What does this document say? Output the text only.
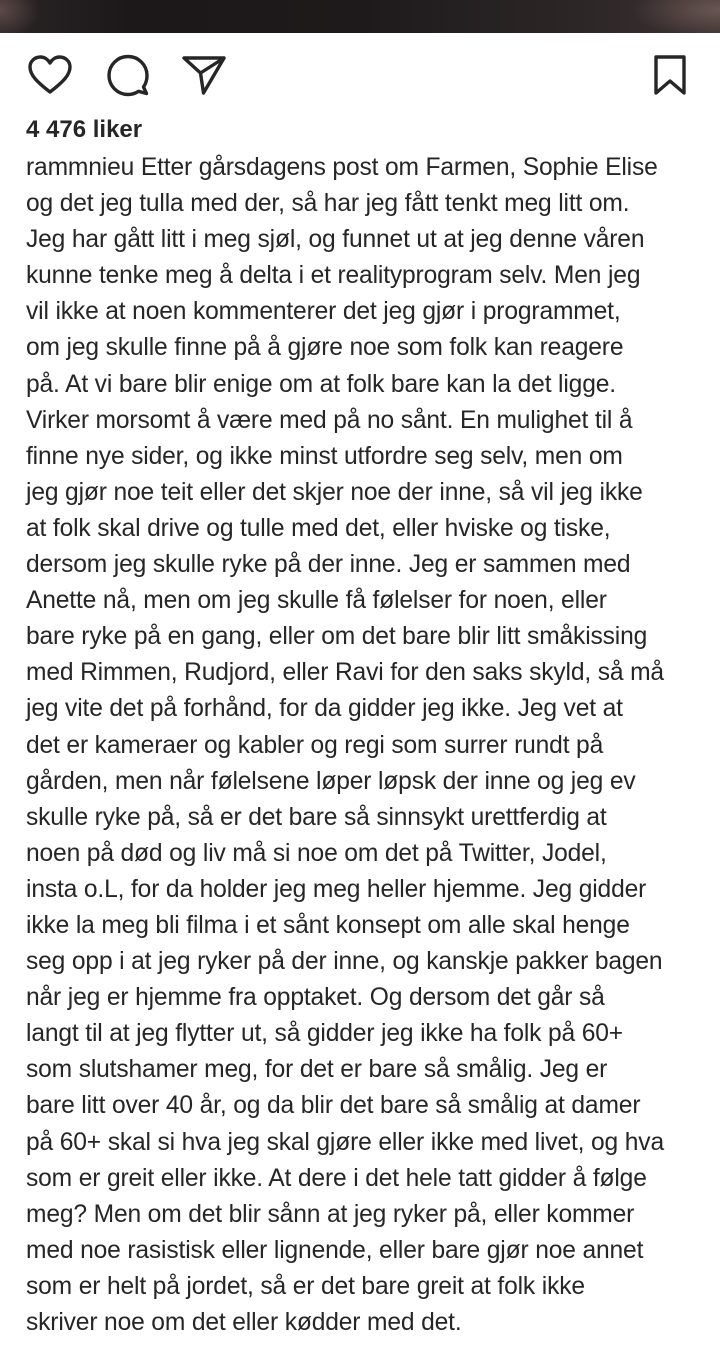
4 476 liker
rammnieu Etter gårsdagens post om Farmen, Sophie Elise
og det jeg tulla med der, så har jeg fått tenkt meg litt om.
Jeg har gått litt i meg sjøl, og funnet ut at jeg denne våren
kunne tenke meg å delta i et realityprogram selv. Men jeg
vil ikke at noen kommenterer det jeg gjør i programmet,
om jeg skulle finne på å gjøre noe som folk kan reagere
på. At vi bare blir enige om at folk bare kan la det ligge.
Virker morsomt å være med på no sånt. En mulighet til å
finne nye sider, og ikke minst utfordre seg selv, men om
jeg gjør noe teit eller det skjer noe der inne, så vil jeg ikke
at folk skal drive og tulle med det, eller hviske og tiske,
dersom jeg skulle ryke på der inne. Jeg er sammen med
Anette nå, men om jeg skulle få følelser for noen, eller
bare ryke på en gang, eller om det bare blir litt småkissing
med Rimmen, Rudjord, eller Ravi for den saks skyld, så må
jeg vite det på forhånd, for da gidder jeg ikke. Jeg vet at
det er kameraer og kabler og regi som surrer rundt på
gården, men når følelsene løper løpsk der inne og jeg ev
skulle ryke på, så er det bare så sinnsykt urettferdig at
noen på død og liv må si noe om det på Twitter, Jodel,
insta o.L, for da holder jeg meg heller hjemme. Jeg gidder
ikke la meg bli filma i et sånt konsept om alle skal henge
seg opp i at jeg ryker på der inne, og kanskje pakker bagen
når jeg er hjemme fra opptaket. Og dersom det går så
langt til at jeg flytter ut, så gidder jeg ikke ha folk på 60+
som slutshamer meg, for det er bare så smålig. Jeg er
bare litt over 40 år, og da blir det bare så smålig at damer
på 60+ skal si hva jeg skal gjøre eller ikke med livet, og hva
som er greit eller ikke. At dere i det hele tatt gidder å følge
meg? Men om det blir sånn at jeg ryker på, eller kommer
med noe rasistisk eller lignende, eller bare gjør noe annet
som er helt på jordet, så er det bare greit at folk ikke
skriver noe om det eller kødder med det.
